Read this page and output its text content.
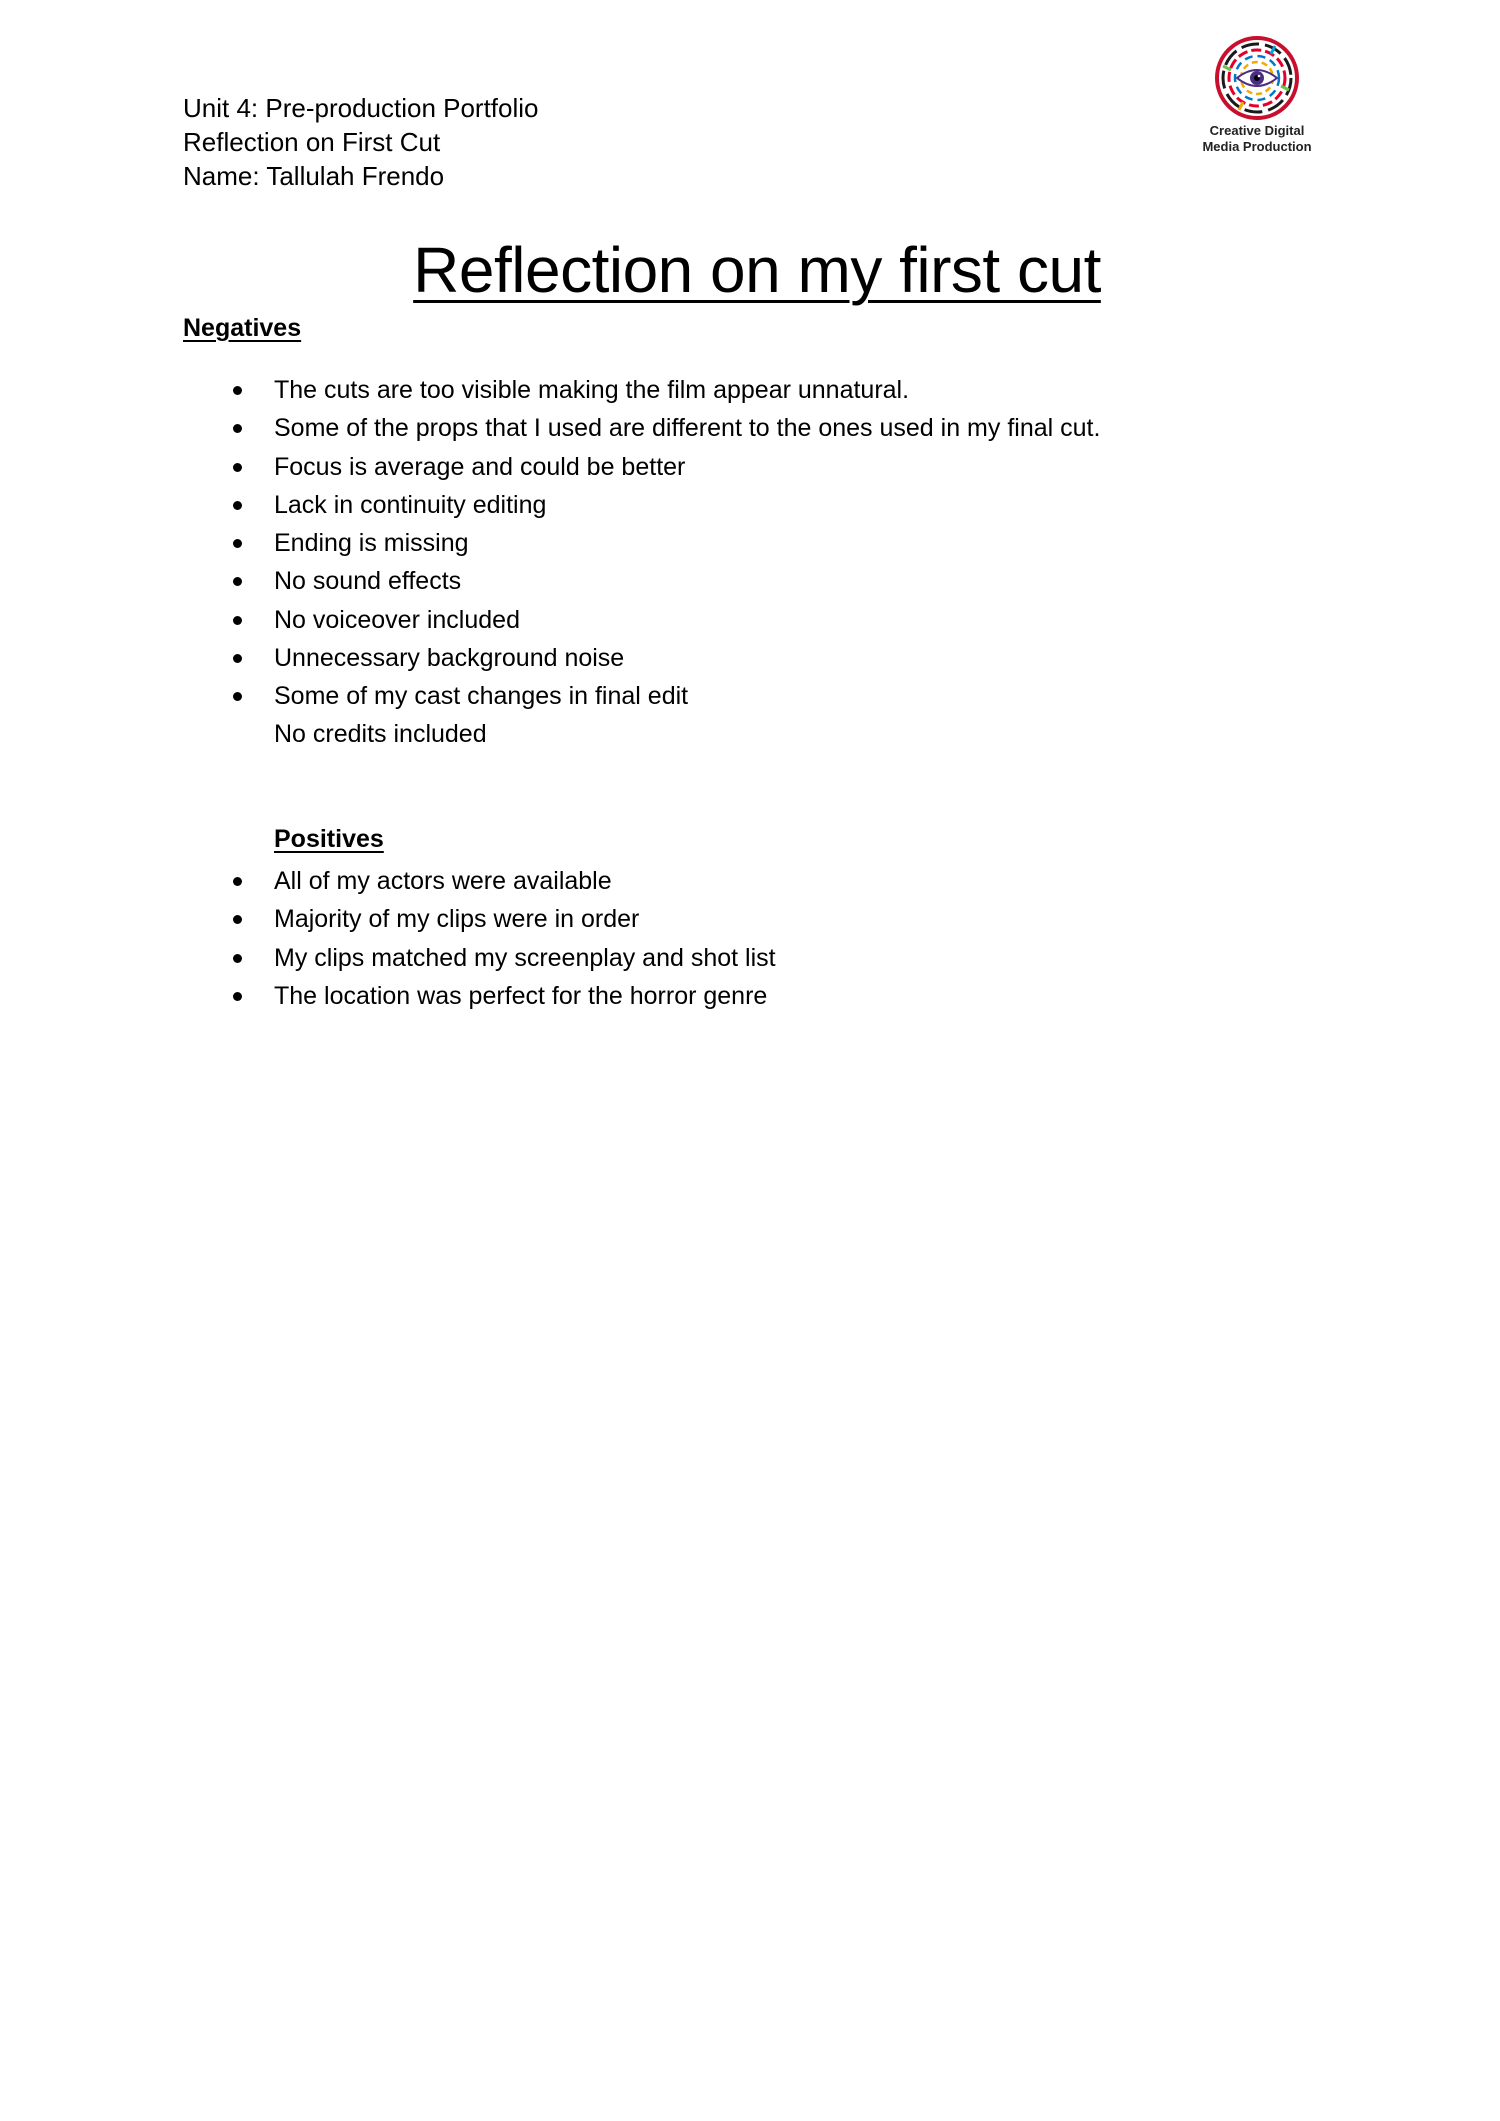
Unit 4: Pre-production Portfolio
Reflection on First Cut
Name: Tallulah Frendo
Creative Digital
Media Production
Reflection on my first cut
Negatives
The cuts are too visible making the film appear unnatural.
Some of the props that I used are different to the ones used in my final cut.
Focus is average and could be better
Lack in continuity editing
Ending is missing
No sound effects
No voiceover included
Unnecessary background noise
Some of my cast changes in final edit
No credits included
Positives
All of my actors were available
Majority of my clips were in order
My clips matched my screenplay and shot list
The location was perfect for the horror genre
